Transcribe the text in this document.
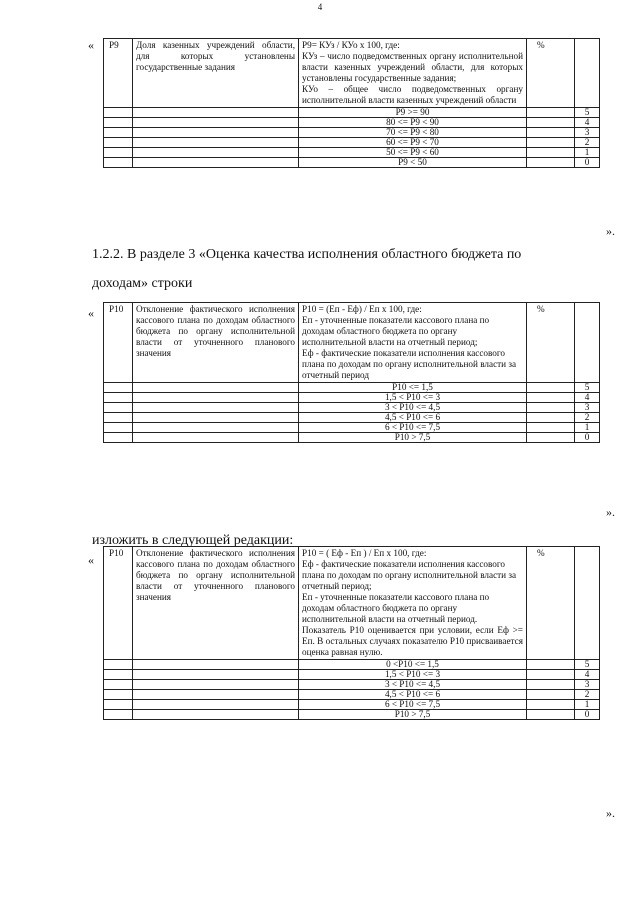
4
« Р9	Доля казенных учреждений области, для которых установлены государственные задания	Р9= КУз / КУо х 100, где:
КУз – число подведомственных органу исполнительной власти казенных учреждений области, для которых установлены государственные задания;
КУо – общее число подведомственных органу исполнительной власти казенных учреждений области	%	
		Р9 >= 90		5
		80 <= Р9 < 90		4
		70 <= Р9 < 80		3
		60 <= Р9 < 70		2
		50 <= Р9 < 60		1
		Р9 < 50		0
».
1.2.2. В разделе 3 «Оценка качества исполнения областного бюджета по
доходам» строки
« Р10	Отклонение фактического исполнения кассового плана по доходам областного бюджета по органу исполнительной власти от уточненного планового значения	Р10 = (Еп - Еф) / Еп х 100, где:
Еп - уточненные показатели кассового плана по доходам областного бюджета по органу исполнительной власти на отчетный период;
Еф - фактические показатели исполнения кассового плана по доходам по органу исполнительной власти за отчетный период	%	
		Р10 <= 1,5		5
		1,5 < Р10 <= 3		4
		3 < Р10 <= 4,5		3
		4,5 < Р10 <= 6		2
		6 < Р10 <= 7,5		1
		Р10 > 7,5		0
».
изложить в следующей редакции:
« Р10	Отклонение фактического исполнения кассового плана по доходам областного бюджета по органу исполнительной власти от уточненного планового значения	Р10 = ( Еф - Еп ) / Еп х 100, где:
Еф - фактические показатели исполнения кассового плана по доходам по органу исполнительной власти за отчетный период;
Еп - уточненные показатели кассового плана по доходам областного бюджета по органу исполнительной власти на отчетный период.
Показатель Р10 оценивается при условии, если Еф >= Еп. В остальных случаях показателю Р10 присваивается оценка равная нулю.	%	
		0 <Р10 <= 1,5		5
		1,5 < Р10 <= 3		4
		3 < Р10 <= 4,5		3
		4,5 < Р10 <= 6		2
		6 < Р10 <= 7,5		1
		Р10 > 7,5		0
».
